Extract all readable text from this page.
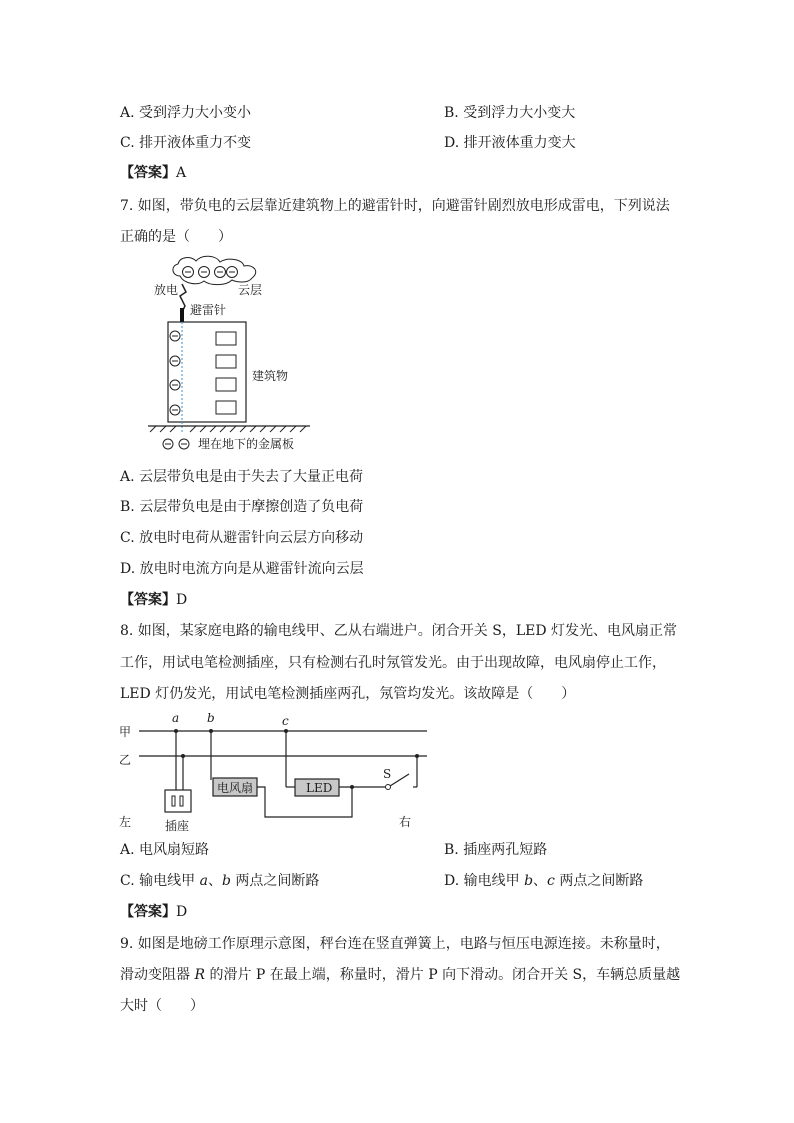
A. 受到浮力大小变小	B. 受到浮力大小变大
C. 排开液体重力不变	D. 排开液体重力变大
【答案】A
7. 如图，带负电的云层靠近建筑物上的避雷针时，向避雷针剧烈放电形成雷电，下列说法
正确的是（　　）
放电	云层
避雷针
建筑物
埋在地下的金属板
A. 云层带负电是由于失去了大量正电荷
B. 云层带负电是由于摩擦创造了负电荷
C. 放电时电荷从避雷针向云层方向移动
D. 放电时电流方向是从避雷针流向云层
【答案】D
8. 如图，某家庭电路的输电线甲、乙从右端进户。闭合开关 S，LED 灯发光、电风扇正常
工作，用试电笔检测插座，只有检测右孔时氖管发光。由于出现故障，电风扇停止工作，
LED 灯仍发光，用试电笔检测插座两孔，氖管均发光。该故障是（　　）
甲
乙
a b	c
插座
电风扇	LED
S
左	右
A. 电风扇短路	B. 插座两孔短路
C. 输电线甲 a、b 两点之间断路	D. 输电线甲 b、c 两点之间断路
【答案】D
9. 如图是地磅工作原理示意图，秤台连在竖直弹簧上，电路与恒压电源连接。未称量时，
滑动变阻器 R 的滑片 P 在最上端，称量时，滑片 P 向下滑动。闭合开关 S，车辆总质量越
大时（　　）
